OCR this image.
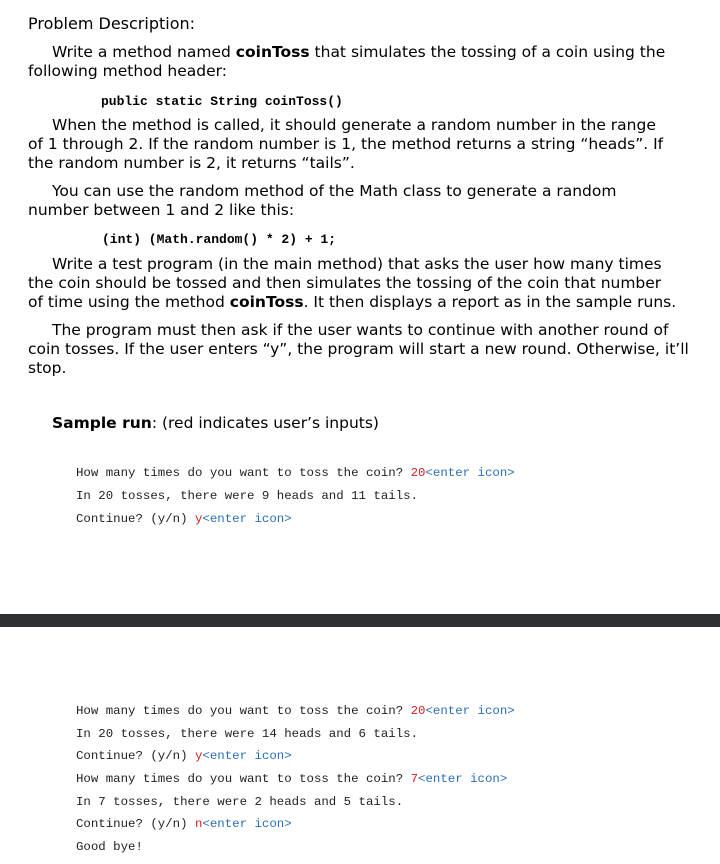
Problem Description:
Write a method named coinToss that simulates the tossing of a coin using the
following method header:
public static String coinToss()
When the method is called, it should generate a random number in the range
of 1 through 2. If the random number is 1, the method returns a string “heads”. If
the random number is 2, it returns “tails”.
You can use the random method of the Math class to generate a random
number between 1 and 2 like this:
(int) (Math.random() * 2) + 1;
Write a test program (in the main method) that asks the user how many times
the coin should be tossed and then simulates the tossing of the coin that number
of time using the method coinToss. It then displays a report as in the sample runs.
The program must then ask if the user wants to continue with another round of
coin tosses. If the user enters “y”, the program will start a new round. Otherwise, it’ll
stop.
Sample run: (red indicates user’s inputs)
How many times do you want to toss the coin? 20<enter icon>
In 20 tosses, there were 9 heads and 11 tails.
Continue? (y/n) y<enter icon>
How many times do you want to toss the coin? 20<enter icon>
In 20 tosses, there were 14 heads and 6 tails.
Continue? (y/n) y<enter icon>
How many times do you want to toss the coin? 7<enter icon>
In 7 tosses, there were 2 heads and 5 tails.
Continue? (y/n) n<enter icon>
Good bye!
